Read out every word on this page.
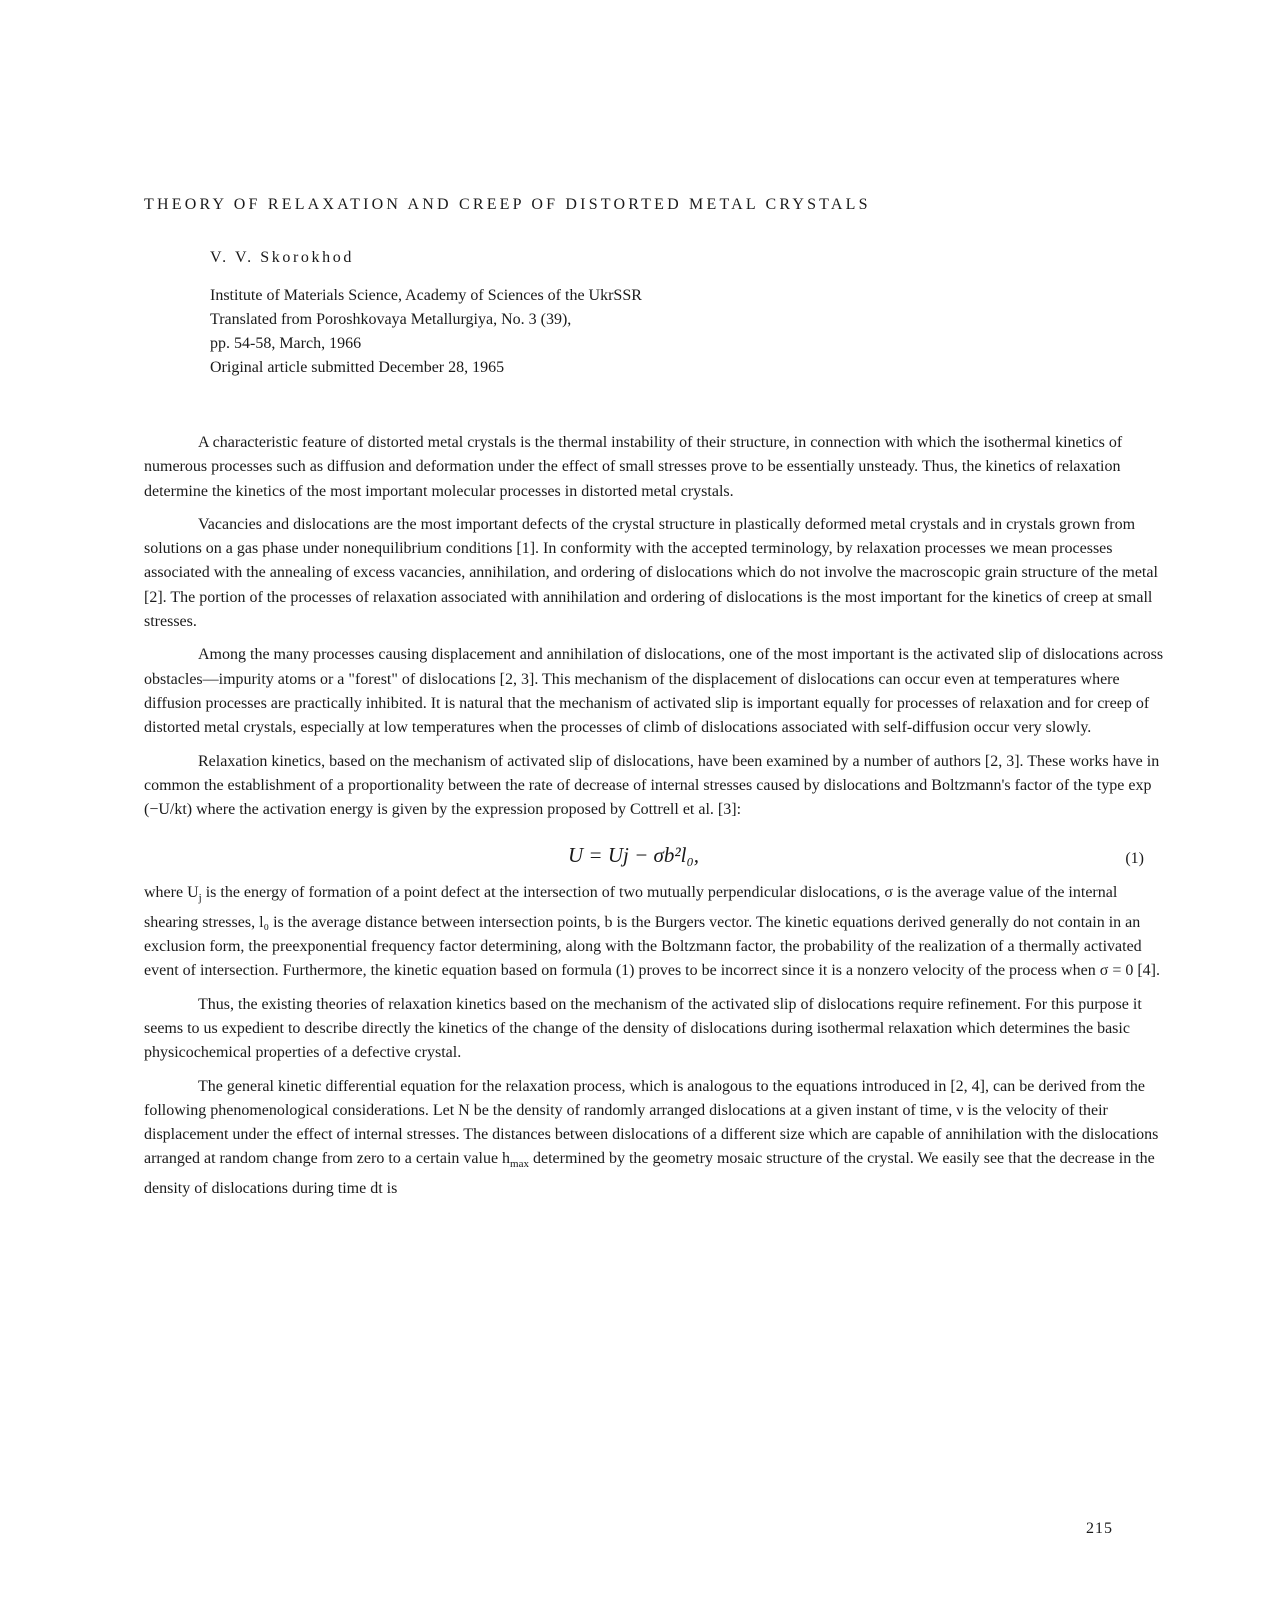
THEORY OF RELAXATION AND CREEP OF DISTORTED METAL CRYSTALS
V. V. Skorokhod
Institute of Materials Science, Academy of Sciences of the UkrSSR
Translated from Poroshkovaya Metallurgiya, No. 3 (39),
pp. 54-58, March, 1966
Original article submitted December 28, 1965

A characteristic feature of distorted metal crystals is the thermal instability of their structure, in connection with which the isothermal kinetics of numerous processes such as diffusion and deformation under the effect of small stresses prove to be essentially unsteady. Thus, the kinetics of relaxation determine the kinetics of the most important molecular processes in distorted metal crystals.

Vacancies and dislocations are the most important defects of the crystal structure in plastically deformed metal crystals and in crystals grown from solutions on a gas phase under nonequilibrium conditions [1]. In conformity with the accepted terminology, by relaxation processes we mean processes associated with the annealing of excess vacancies, annihilation, and ordering of dislocations which do not involve the macroscopic grain structure of the metal [2]. The portion of the processes of relaxation associated with annihilation and ordering of dislocations is the most important for the kinetics of creep at small stresses.

Among the many processes causing displacement and annihilation of dislocations, one of the most important is the activated slip of dislocations across obstacles—impurity atoms or a "forest" of dislocations [2, 3]. This mechanism of the displacement of dislocations can occur even at temperatures where diffusion processes are practically inhibited. It is natural that the mechanism of activated slip is important equally for processes of relaxation and for creep of distorted metal crystals, especially at low temperatures when the processes of climb of dislocations associated with self-diffusion occur very slowly.

Relaxation kinetics, based on the mechanism of activated slip of dislocations, have been examined by a number of authors [2, 3]. These works have in common the establishment of a proportionality between the rate of decrease of internal stresses caused by dislocations and Boltzmann's factor of the type exp (−U/kt) where the activation energy is given by the expression proposed by Cottrell et al. [3]:

U = Uj − σb²l₀,	(1)

where $U_j$ is the energy of formation of a point defect at the intersection of two mutually perpendicular dislocations, σ is the average value of the internal shearing stresses, l₀ is the average distance between intersection points, b is the Burgers vector. The kinetic equations derived generally do not contain in an exclusion form, the preexponential frequency factor determining, along with the Boltzmann factor, the probability of the realization of a thermally activated event of intersection. Furthermore, the kinetic equation based on formula (1) proves to be incorrect since it is a nonzero velocity of the process when σ = 0 [4].

Thus, the existing theories of relaxation kinetics based on the mechanism of the activated slip of dislocations require refinement. For this purpose it seems to us expedient to describe directly the kinetics of the change of the density of dislocations during isothermal relaxation which determines the basic physicochemical properties of a defective crystal.

The general kinetic differential equation for the relaxation process, which is analogous to the equations introduced in [2, 4], can be derived from the following phenomenological considerations. Let N be the density of randomly arranged dislocations at a given instant of time, ν is the velocity of their displacement under the effect of internal stresses. The distances between dislocations of a different size which are capable of annihilation with the dislocations arranged at random change from zero to a certain value $h_{max}$ determined by the geometry mosaic structure of the crystal. We easily see that the decrease in the density of dislocations during time dt is

215
